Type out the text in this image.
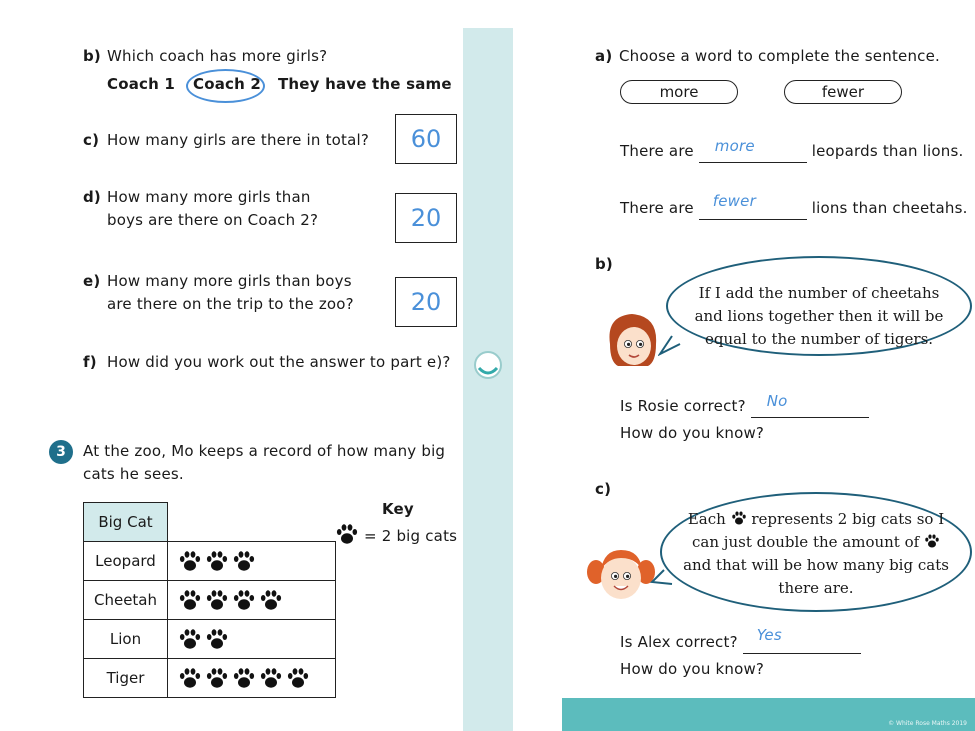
b) Which coach has more girls?
Coach 1 Coach 2 They have the same
c) How many girls are there in total?	60
d) How many more girls than
boys are there on Coach 2?	20
e) How many more girls than boys
are there on the trip to the zoo?	20
f) How did you work out the answer to part e)?
3	At the zoo, Mo keeps a record of how many big
cats he sees.
Big Cat	
Leopard	
Cheetah	
Lion	
Tiger	
Key
= 2 big cats
a) Choose a word to complete the sentence.
more	fewer
There are more	leopards than lions.
There are fewer	lions than cheetahs.
b)
If I add the number of cheetahs
and lions together then it will be
equal to the number of tigers.
Is Rosie correct? No

How do you know?
c)
Each represents 2 big cats so I
can just double the amount of
and that will be how many big cats
there are.
Is Alex correct? Yes

How do you know?
© White Rose Maths 2019
